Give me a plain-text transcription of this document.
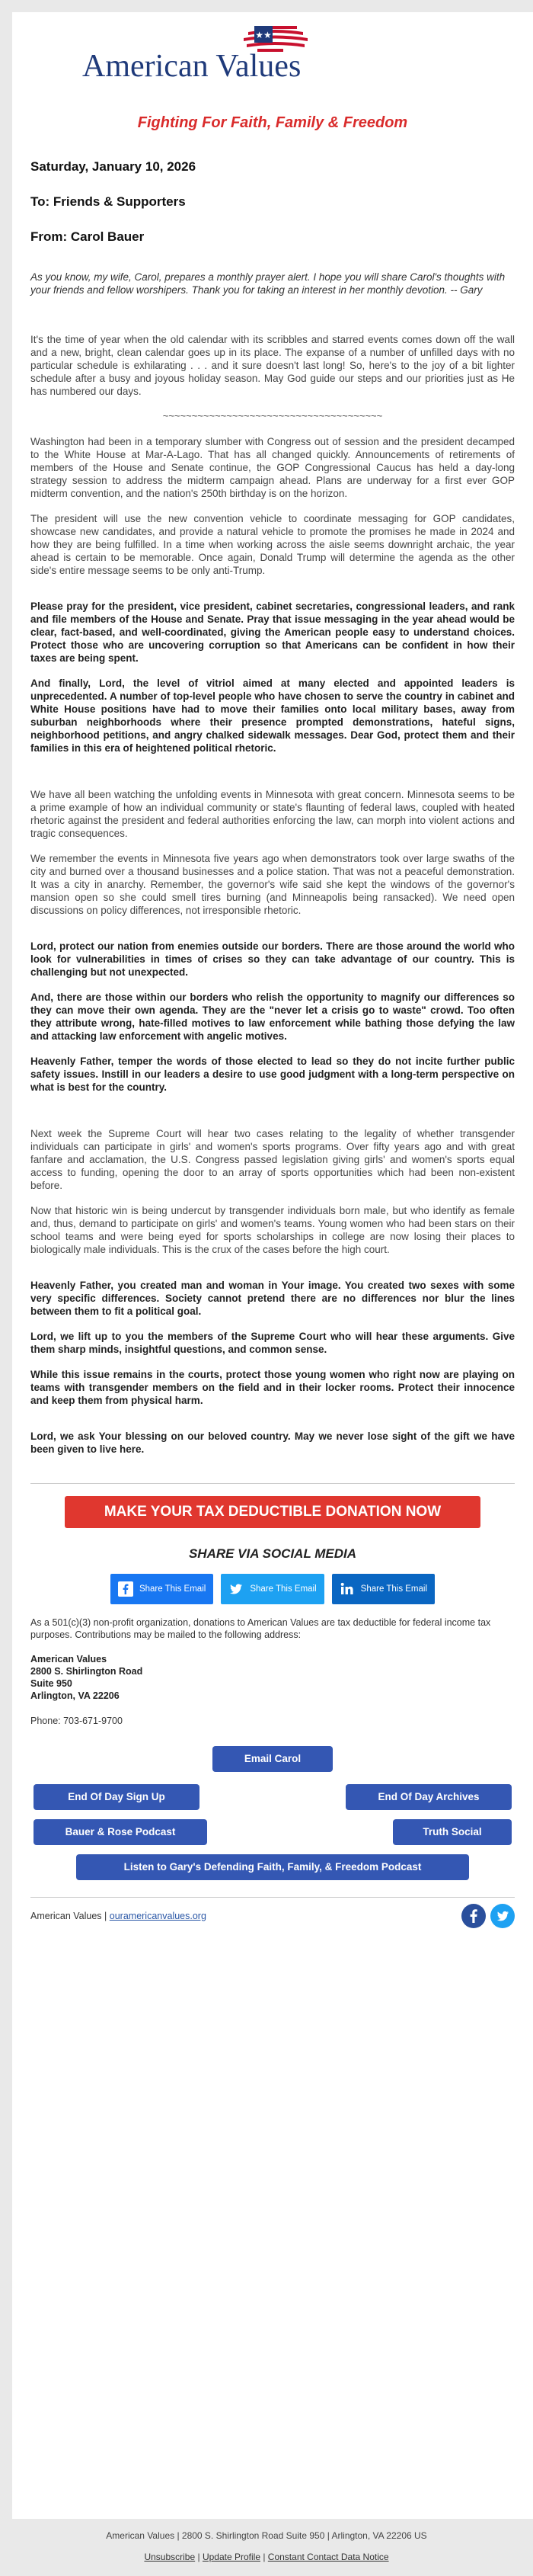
★★
American Values
Fighting For Faith, Family & Freedom
Saturday, January 10, 2026
To: Friends & Supporters
From: Carol Bauer
As you know, my wife, Carol, prepares a monthly prayer alert. I hope you will share Carol's thoughts with your friends and fellow worshipers. Thank you for taking an interest in her monthly devotion. -- Gary
It's the time of year when the old calendar with its scribbles and starred events comes down off the wall and a new, bright, clean calendar goes up in its place. The expanse of a number of unfilled days with no particular schedule is exhilarating . . . and it sure doesn't last long! So, here's to the joy of a bit lighter schedule after a busy and joyous holiday season. May God guide our steps and our priorities just as He has numbered our days.
~~~~~~~~~~~~~~~~~~~~~~~~~~~~~~~~~~~~~~
Washington had been in a temporary slumber with Congress out of session and the president decamped to the White House at Mar-A-Lago. That has all changed quickly. Announcements of retirements of members of the House and Senate continue, the GOP Congressional Caucus has held a day-long strategy session to address the midterm campaign ahead. Plans are underway for a first ever GOP midterm convention, and the nation's 250th birthday is on the horizon.
The president will use the new convention vehicle to coordinate messaging for GOP candidates, showcase new candidates, and provide a natural vehicle to promote the promises he made in 2024 and how they are being fulfilled. In a time when working across the aisle seems downright archaic, the year ahead is certain to be memorable. Once again, Donald Trump will determine the agenda as the other side's entire message seems to be only anti-Trump.
Please pray for the president, vice president, cabinet secretaries, congressional leaders, and rank and file members of the House and Senate. Pray that issue messaging in the year ahead would be clear, fact-based, and well-coordinated, giving the American people easy to understand choices. Protect those who are uncovering corruption so that Americans can be confident in how their taxes are being spent.
And finally, Lord, the level of vitriol aimed at many elected and appointed leaders is unprecedented. A number of top-level people who have chosen to serve the country in cabinet and White House positions have had to move their families onto local military bases, away from suburban neighborhoods where their presence prompted demonstrations, hateful signs, neighborhood petitions, and angry chalked sidewalk messages. Dear God, protect them and their families in this era of heightened political rhetoric.
We have all been watching the unfolding events in Minnesota with great concern. Minnesota seems to be a prime example of how an individual community or state's flaunting of federal laws, coupled with heated rhetoric against the president and federal authorities enforcing the law, can morph into violent actions and tragic consequences.
We remember the events in Minnesota five years ago when demonstrators took over large swaths of the city and burned over a thousand businesses and a police station. That was not a peaceful demonstration. It was a city in anarchy. Remember, the governor's wife said she kept the windows of the governor's mansion open so she could smell tires burning (and Minneapolis being ransacked). We need open discussions on policy differences, not irresponsible rhetoric.
Lord, protect our nation from enemies outside our borders. There are those around the world who look for vulnerabilities in times of crises so they can take advantage of our country. This is challenging but not unexpected.
And, there are those within our borders who relish the opportunity to magnify our differences so they can move their own agenda. They are the "never let a crisis go to waste" crowd. Too often they attribute wrong, hate-filled motives to law enforcement while bathing those defying the law and attacking law enforcement with angelic motives.
Heavenly Father, temper the words of those elected to lead so they do not incite further public safety issues. Instill in our leaders a desire to use good judgment with a long-term perspective on what is best for the country.
Next week the Supreme Court will hear two cases relating to the legality of whether transgender individuals can participate in girls' and women's sports programs. Over fifty years ago and with great fanfare and acclamation, the U.S. Congress passed legislation giving girls' and women's sports equal access to funding, opening the door to an array of sports opportunities which had been non-existent before.
Now that historic win is being undercut by transgender individuals born male, but who identify as female and, thus, demand to participate on girls' and women's teams. Young women who had been stars on their school teams and were being eyed for sports scholarships in college are now losing their places to biologically male individuals. This is the crux of the cases before the high court.
Heavenly Father, you created man and woman in Your image. You created two sexes with some very specific differences. Society cannot pretend there are no differences nor blur the lines between them to fit a political goal.
Lord, we lift up to you the members of the Supreme Court who will hear these arguments. Give them sharp minds, insightful questions, and common sense.
While this issue remains in the courts, protect those young women who right now are playing on teams with transgender members on the field and in their locker rooms. Protect their innocence and keep them from physical harm.
Lord, we ask Your blessing on our beloved country. May we never lose sight of the gift we have been given to live here.
MAKE YOUR TAX DEDUCTIBLE DONATION NOW
SHARE VIA SOCIAL MEDIA
Share This Email	Share This Email	Share This Email
As a 501(c)(3) non-profit organization, donations to American Values are tax deductible for federal income tax purposes. Contributions may be mailed to the following address:
American Values
2800 S. Shirlington Road
Suite 950
Arlington, VA 22206
Phone: 703-671-9700
Email Carol
End Of Day Sign Up	End Of Day Archives
Bauer & Rose Podcast	Truth Social
Listen to Gary's Defending Faith, Family, & Freedom Podcast
American Values | ouramericanvalues.org
American Values | 2800 S. Shirlington Road Suite 950 | Arlington, VA 22206 US
Unsubscribe | Update Profile | Constant Contact Data Notice
